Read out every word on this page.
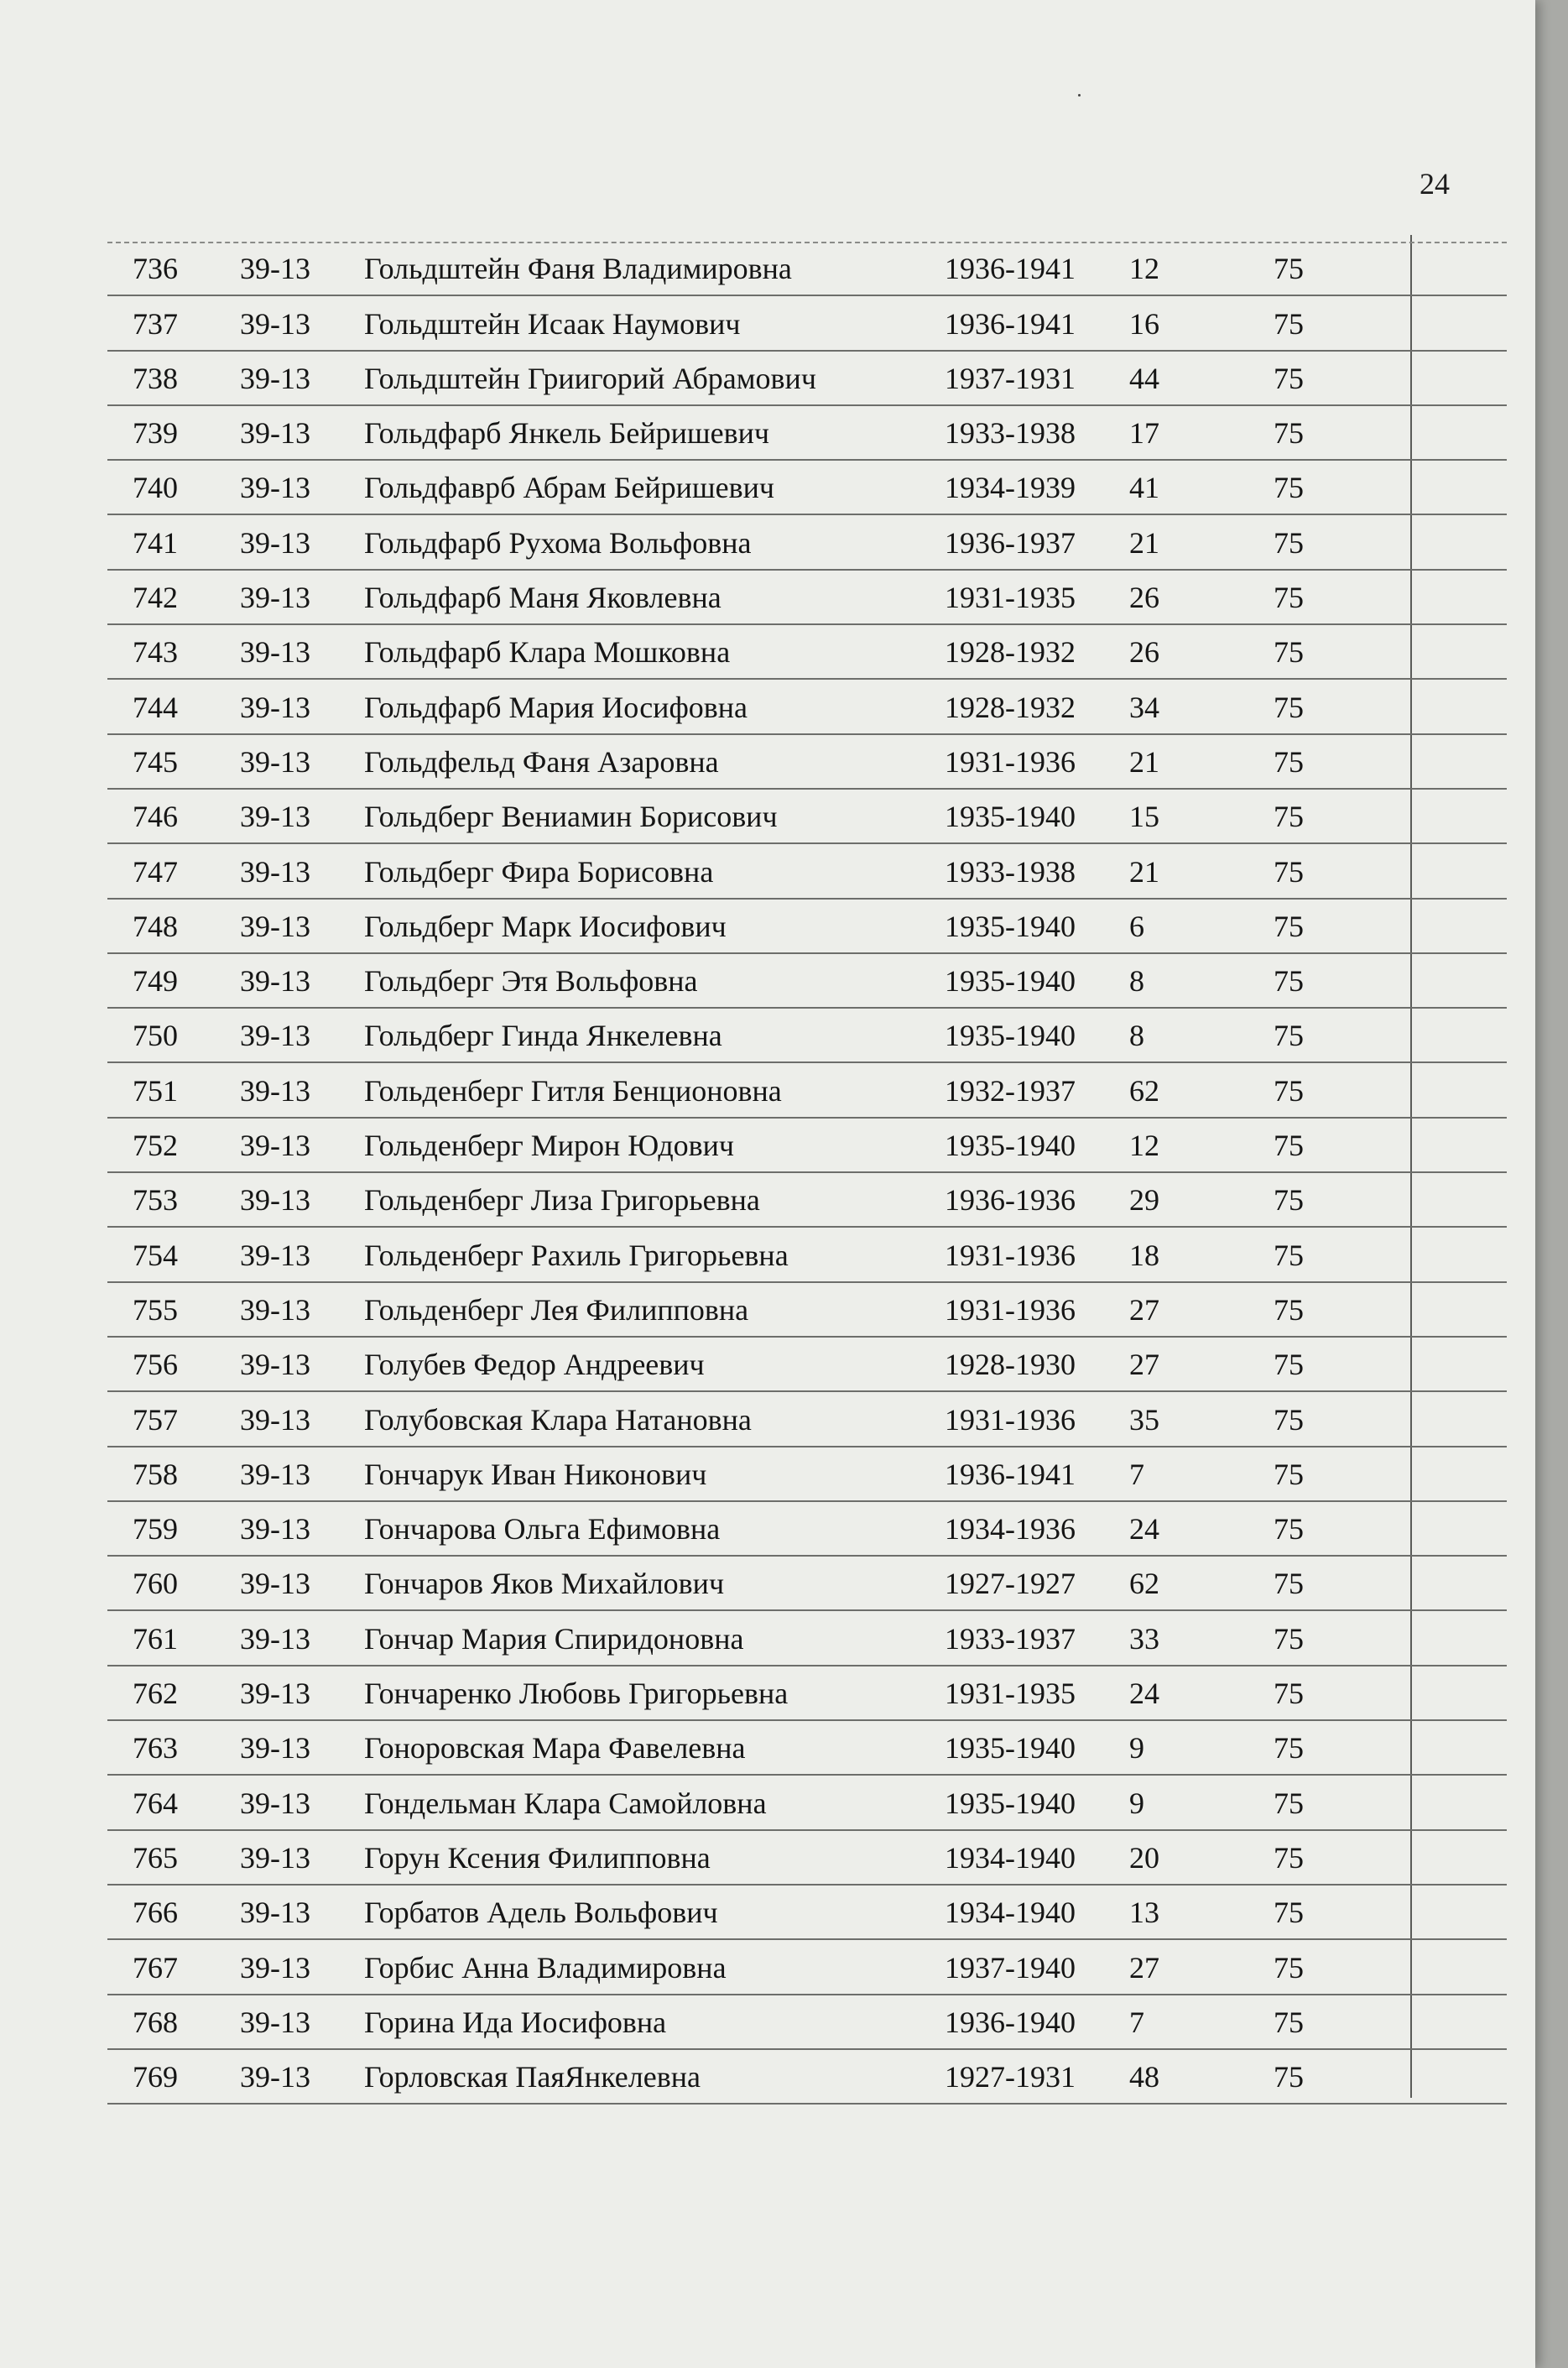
24
736 39-13 Гольдштейн Фаня Владимировна	1936-1941 12	75
737 39-13 Гольдштейн Исаак Наумович	1936-1941 16	75
738 39-13 Гольдштейн Гриигорий Абрамович	1937-1931 44	75
739 39-13 Гольдфарб Янкель Бейришевич	1933-1938 17	75
740 39-13 Гольдфаврб Абрам Бейришевич	1934-1939 41	75
741 39-13 Гольдфарб Рухома Вольфовна	1936-1937 21	75
742 39-13 Гольдфарб Маня Яковлевна	1931-1935 26	75
743 39-13 Гольдфарб Клара Мошковна	1928-1932 26	75
744 39-13 Гольдфарб Мария Иосифовна	1928-1932 34	75
745 39-13 Гольдфельд Фаня Азаровна	1931-1936 21	75
746 39-13 Гольдберг Вениамин Борисович	1935-1940 15	75
747 39-13 Гольдберг Фира Борисовна	1933-1938 21	75
748 39-13 Гольдберг Марк Иосифович	1935-1940 6	75
749 39-13 Гольдберг Этя Вольфовна	1935-1940 8	75
750 39-13 Гольдберг Гинда Янкелевна	1935-1940 8	75
751 39-13 Гольденберг Гитля Бенционовна	1932-1937 62	75
752 39-13 Гольденберг Мирон Юдович	1935-1940 12	75
753 39-13 Гольденберг Лиза Григорьевна	1936-1936 29	75
754 39-13 Гольденберг Рахиль Григорьевна	1931-1936 18	75
755 39-13 Гольденберг Лея Филипповна	1931-1936 27	75
756 39-13 Голубев Федор Андреевич	1928-1930 27	75
757 39-13 Голубовская Клара Натановна	1931-1936 35	75
758 39-13 Гончарук Иван Никонович	1936-1941 7	75
759 39-13 Гончарова Ольга Ефимовна	1934-1936 24	75
760 39-13 Гончаров Яков Михайлович	1927-1927 62	75
761 39-13 Гончар Мария Спиридоновна	1933-1937 33	75
762 39-13 Гончаренко Любовь Григорьевна	1931-1935 24	75
763 39-13 Гоноровская Мара Фавелевна	1935-1940 9	75
764 39-13 Гондельман Клара Самойловна	1935-1940 9	75
765 39-13 Горун Ксения Филипповна	1934-1940 20	75
766 39-13 Горбатов Адель Вольфович	1934-1940 13	75
767 39-13 Горбис Анна Владимировна	1937-1940 27	75
768 39-13 Горина Ида Иосифовна	1936-1940 7	75
769 39-13 Горловская ПаяЯнкелевна	1927-1931 48	75
